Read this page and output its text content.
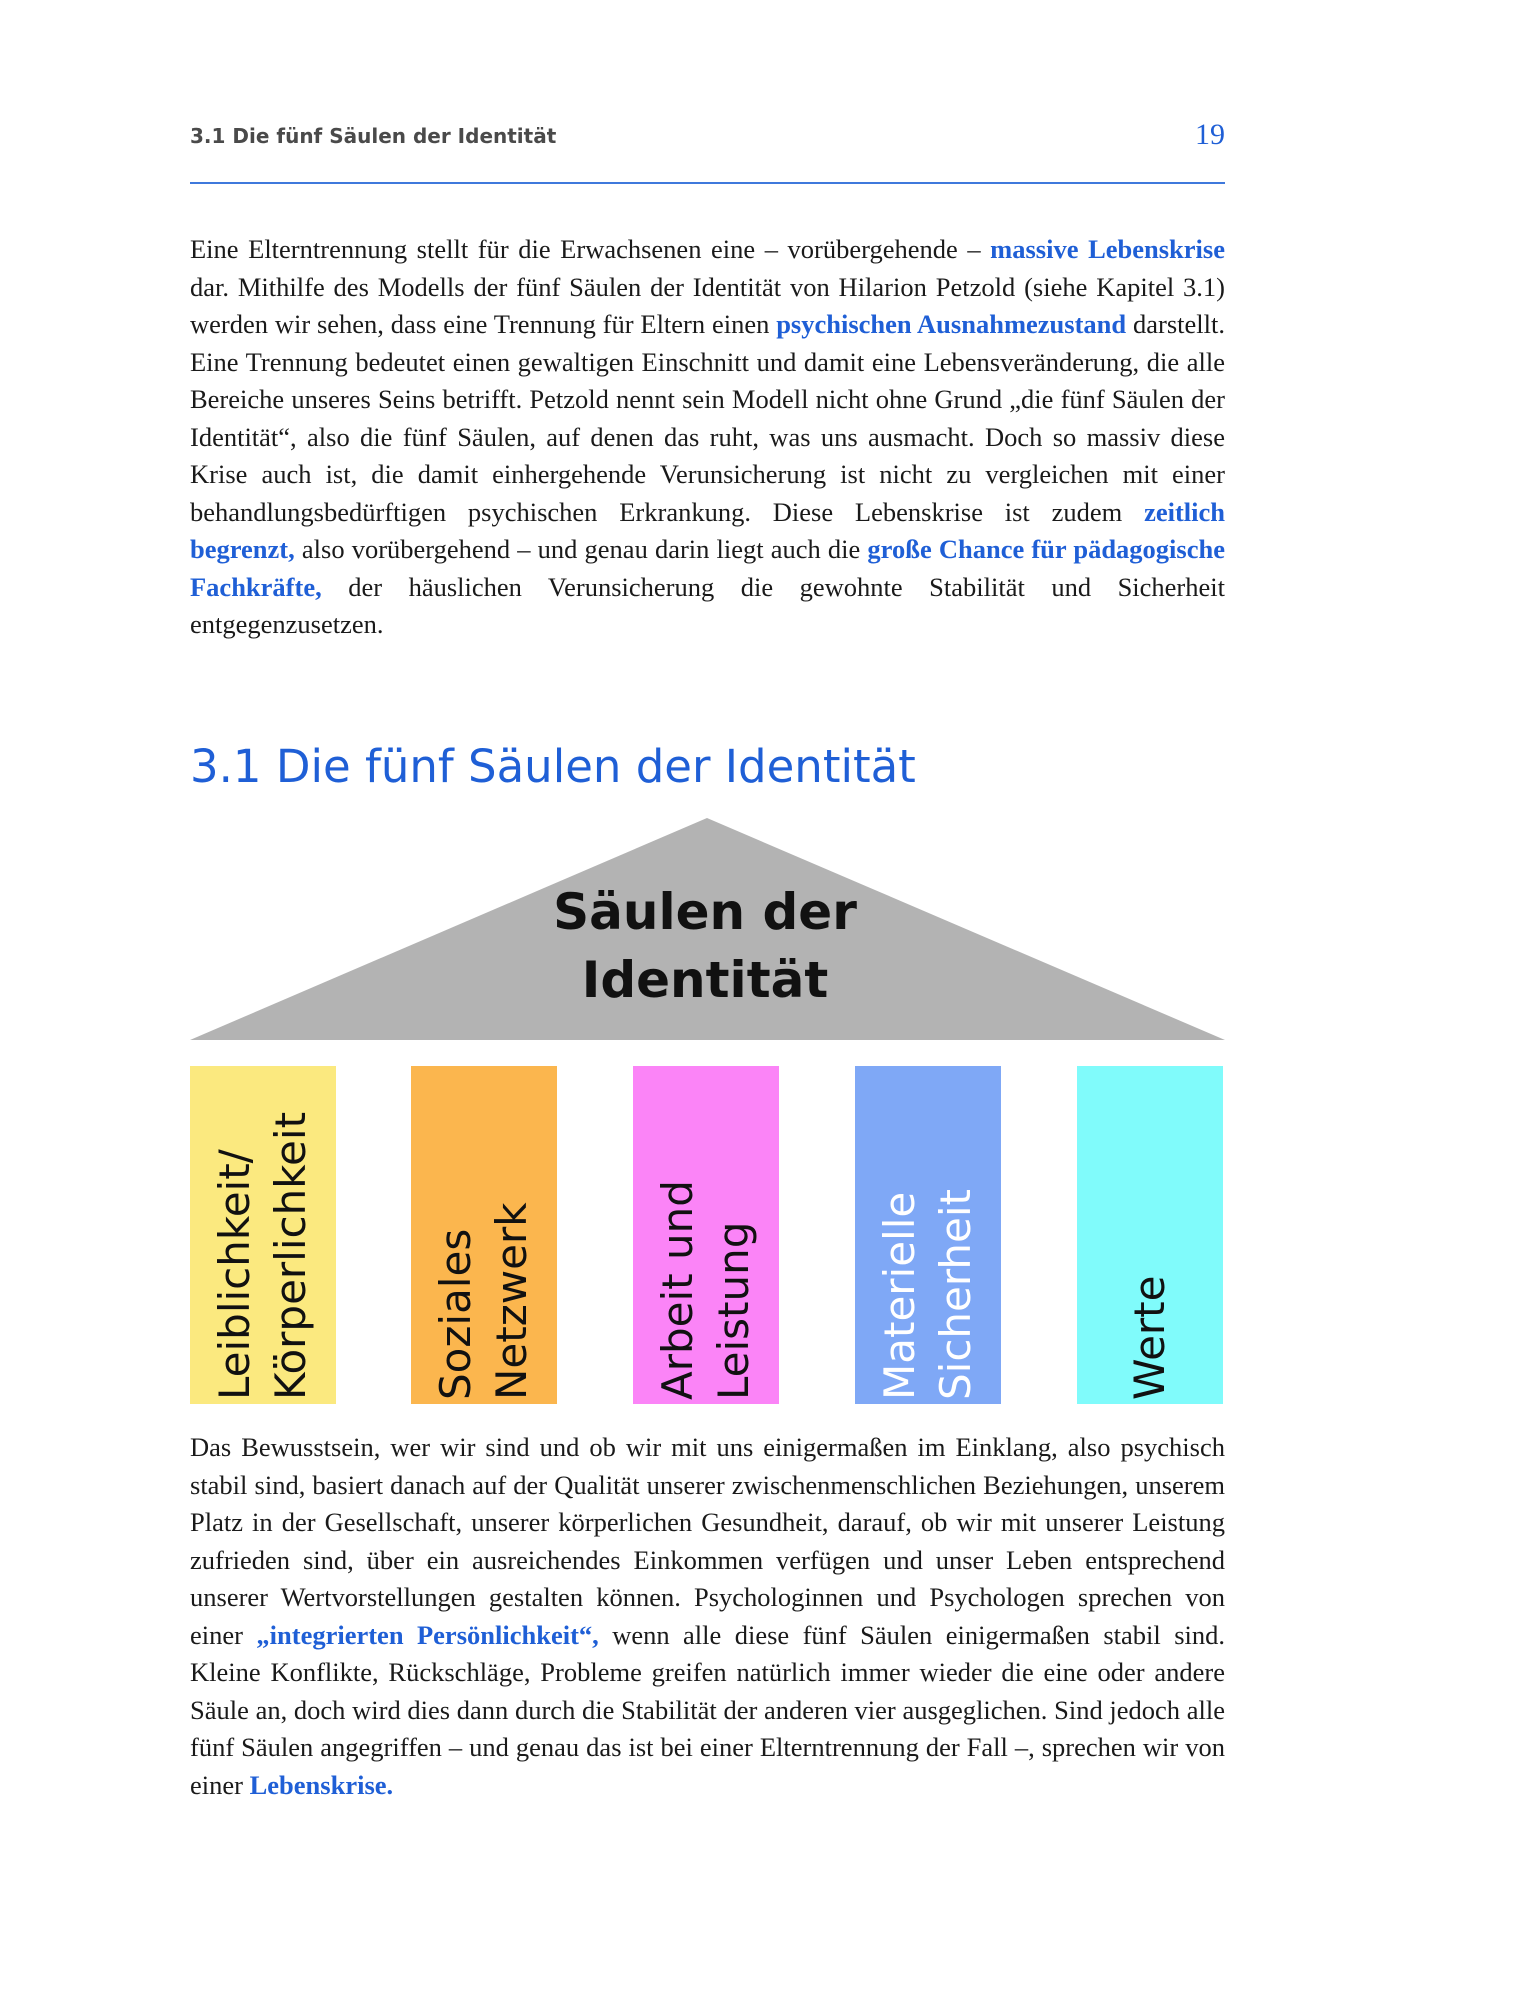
3.1 Die fünf Säulen der Identität	19

Eine Elterntrennung stellt für die Erwachsenen eine – vorübergehende – massive Lebenskrise dar. Mithilfe des Modells der fünf Säulen der Identität von Hilarion Petzold (siehe Kapitel 3.1) werden wir sehen, dass eine Trennung für Eltern einen psychischen Ausnahmezustand darstellt. Eine Trennung bedeutet einen gewaltigen Einschnitt und damit eine Lebensveränderung, die alle Bereiche unseres Seins betrifft. Petzold nennt sein Modell nicht ohne Grund „die fünf Säulen der Identität“, also die fünf Säulen, auf denen das ruht, was uns ausmacht. Doch so massiv diese Krise auch ist, die damit einhergehende Verunsicherung ist nicht zu vergleichen mit einer behandlungsbedürftigen psychischen Erkrankung. Diese Lebenskrise ist zudem zeitlich begrenzt, also vorübergehend – und genau darin liegt auch die große Chance für pädagogische Fachkräfte, der häuslichen Verunsicherung die gewohnte Stabilität und Sicherheit entgegenzusetzen.

3.1 Die fünf Säulen der Identität
Säulen der
Identität
Leiblichkeit/
Körperlichkeit	Soziales
Netzwerk	Arbeit und
Leistung	Materielle
Sicherheit	Werte

Das Bewusstsein, wer wir sind und ob wir mit uns einigermaßen im Einklang, also psychisch stabil sind, basiert danach auf der Qualität unserer zwischenmenschlichen Beziehungen, unserem Platz in der Gesellschaft, unserer körperlichen Gesundheit, darauf, ob wir mit unserer Leistung zufrieden sind, über ein ausreichendes Einkommen verfügen und unser Leben entsprechend unserer Wertvorstellungen gestalten können. Psychologinnen und Psychologen sprechen von einer „integrierten Persönlichkeit“, wenn alle diese fünf Säulen einigermaßen stabil sind. Kleine Konflikte, Rückschläge, Probleme greifen natürlich immer wieder die eine oder andere Säule an, doch wird dies dann durch die Stabilität der anderen vier ausgeglichen. Sind jedoch alle fünf Säulen angegriffen – und genau das ist bei einer Elterntrennung der Fall –, sprechen wir von einer Lebenskrise.
